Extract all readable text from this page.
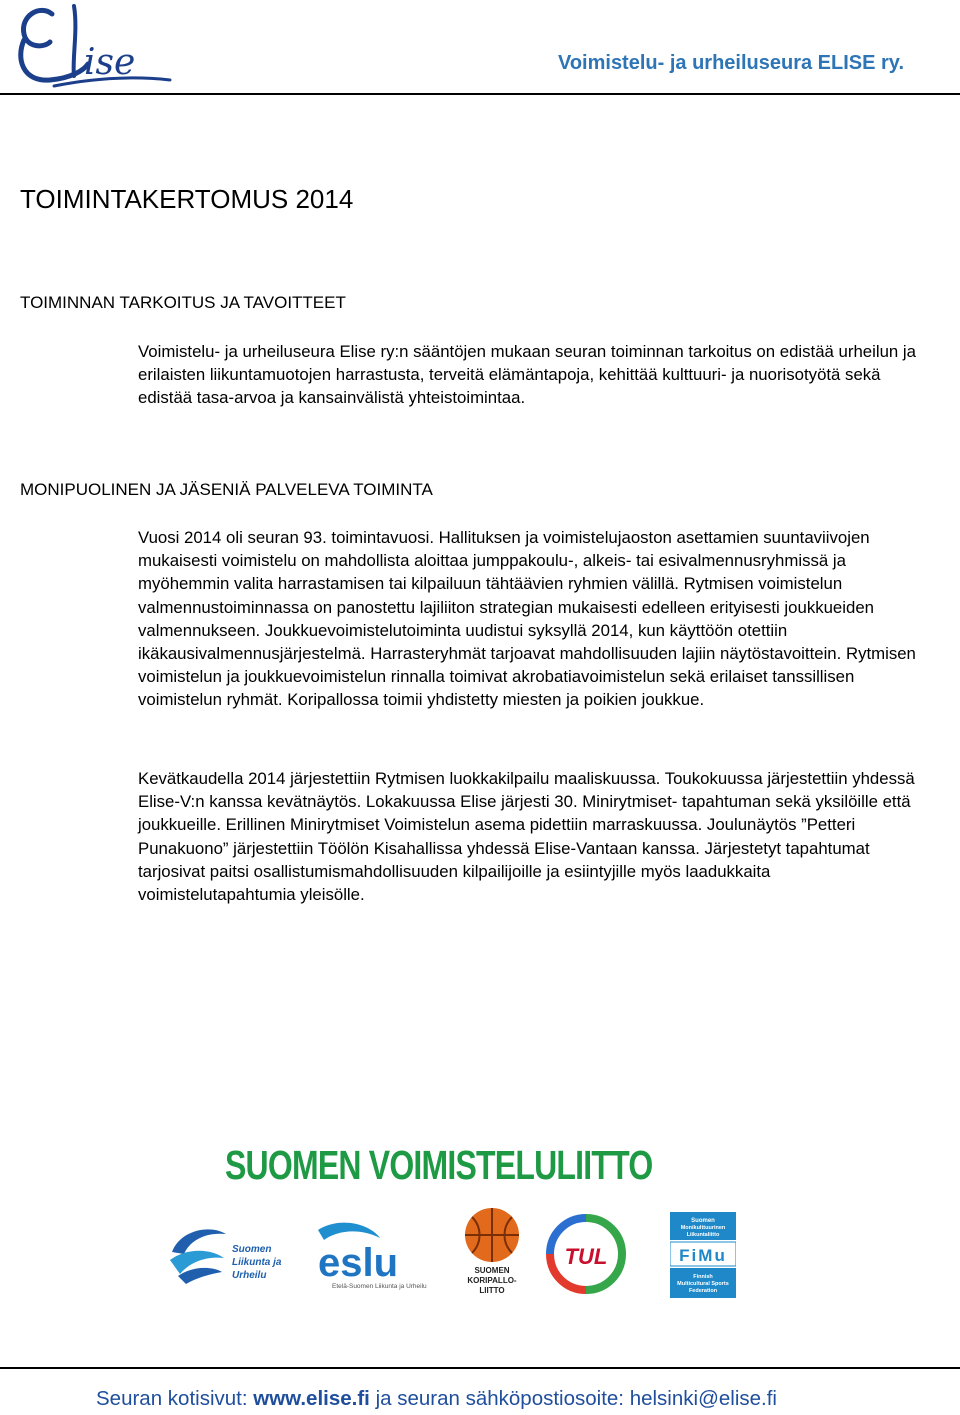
ise	Voimistelu- ja urheiluseura ELISE ry.
TOIMINTAKERTOMUS 2014
TOIMINNAN TARKOITUS JA TAVOITTEET
Voimistelu- ja urheiluseura Elise ry:n sääntöjen mukaan seuran toiminnan tarkoitus on edistää urheilun ja erilaisten liikuntamuotojen harrastusta, terveitä elämäntapoja, kehittää kulttuuri- ja nuorisotyötä sekä edistää tasa-arvoa ja kansainvälistä yhteistoimintaa.
MONIPUOLINEN JA JÄSENIÄ PALVELEVA TOIMINTA
Vuosi 2014 oli seuran 93. toimintavuosi. Hallituksen ja voimistelujaoston asettamien suuntaviivojen mukaisesti voimistelu on mahdollista aloittaa jumppakoulu-, alkeis- tai esivalmennusryhmissä ja myöhemmin valita harrastamisen tai kilpailuun tähtäävien ryhmien välillä. Rytmisen voimistelun valmennustoiminnassa on panostettu lajiliiton strategian mukaisesti edelleen erityisesti joukkueiden valmennukseen. Joukkuevoimistelutoiminta uudistui syksyllä 2014, kun käyttöön otettiin ikäkausivalmennusjärjestelmä. Harrasteryhmät tarjoavat mahdollisuuden lajiin näytöstavoittein. Rytmisen voimistelun ja joukkuevoimistelun rinnalla toimivat akrobatiavoimistelun sekä erilaiset tanssillisen voimistelun ryhmät. Koripallossa toimii yhdistetty miesten ja poikien joukkue.
Kevätkaudella 2014 järjestettiin Rytmisen luokkakilpailu maaliskuussa. Toukokuussa järjestettiin yhdessä Elise-V:n kanssa kevätnäytös. Lokakuussa Elise järjesti 30. Minirytmiset- tapahtuman sekä yksilöille että joukkueille. Erillinen Minirytmiset Voimistelun asema pidettiin marraskuussa. Joulunäytös ”Petteri Punakuono” järjestettiin Töölön Kisahallissa yhdessä Elise-Vantaan kanssa. Järjestetyt tapahtumat tarjosivat paitsi osallistumismahdollisuuden kilpailijoille ja esiintyjille myös laadukkaita voimistelutapahtumia yleisölle.
SUOMEN VOIMISTELULIITTO
Suomen
Liikunta ja
Urheilu eslu
Etelä-Suomen Liikunta ja Urheilu
SUOMEN
KORIPALLO-
LIITTO
TUL
Suomen
Monikulttuurinen
Liikuntaliitto
FiMu
Finnish
Multicultural Sports
Federation
Seuran kotisivut: www.elise.fi ja seuran sähköpostiosoite: helsinki@elise.fi
